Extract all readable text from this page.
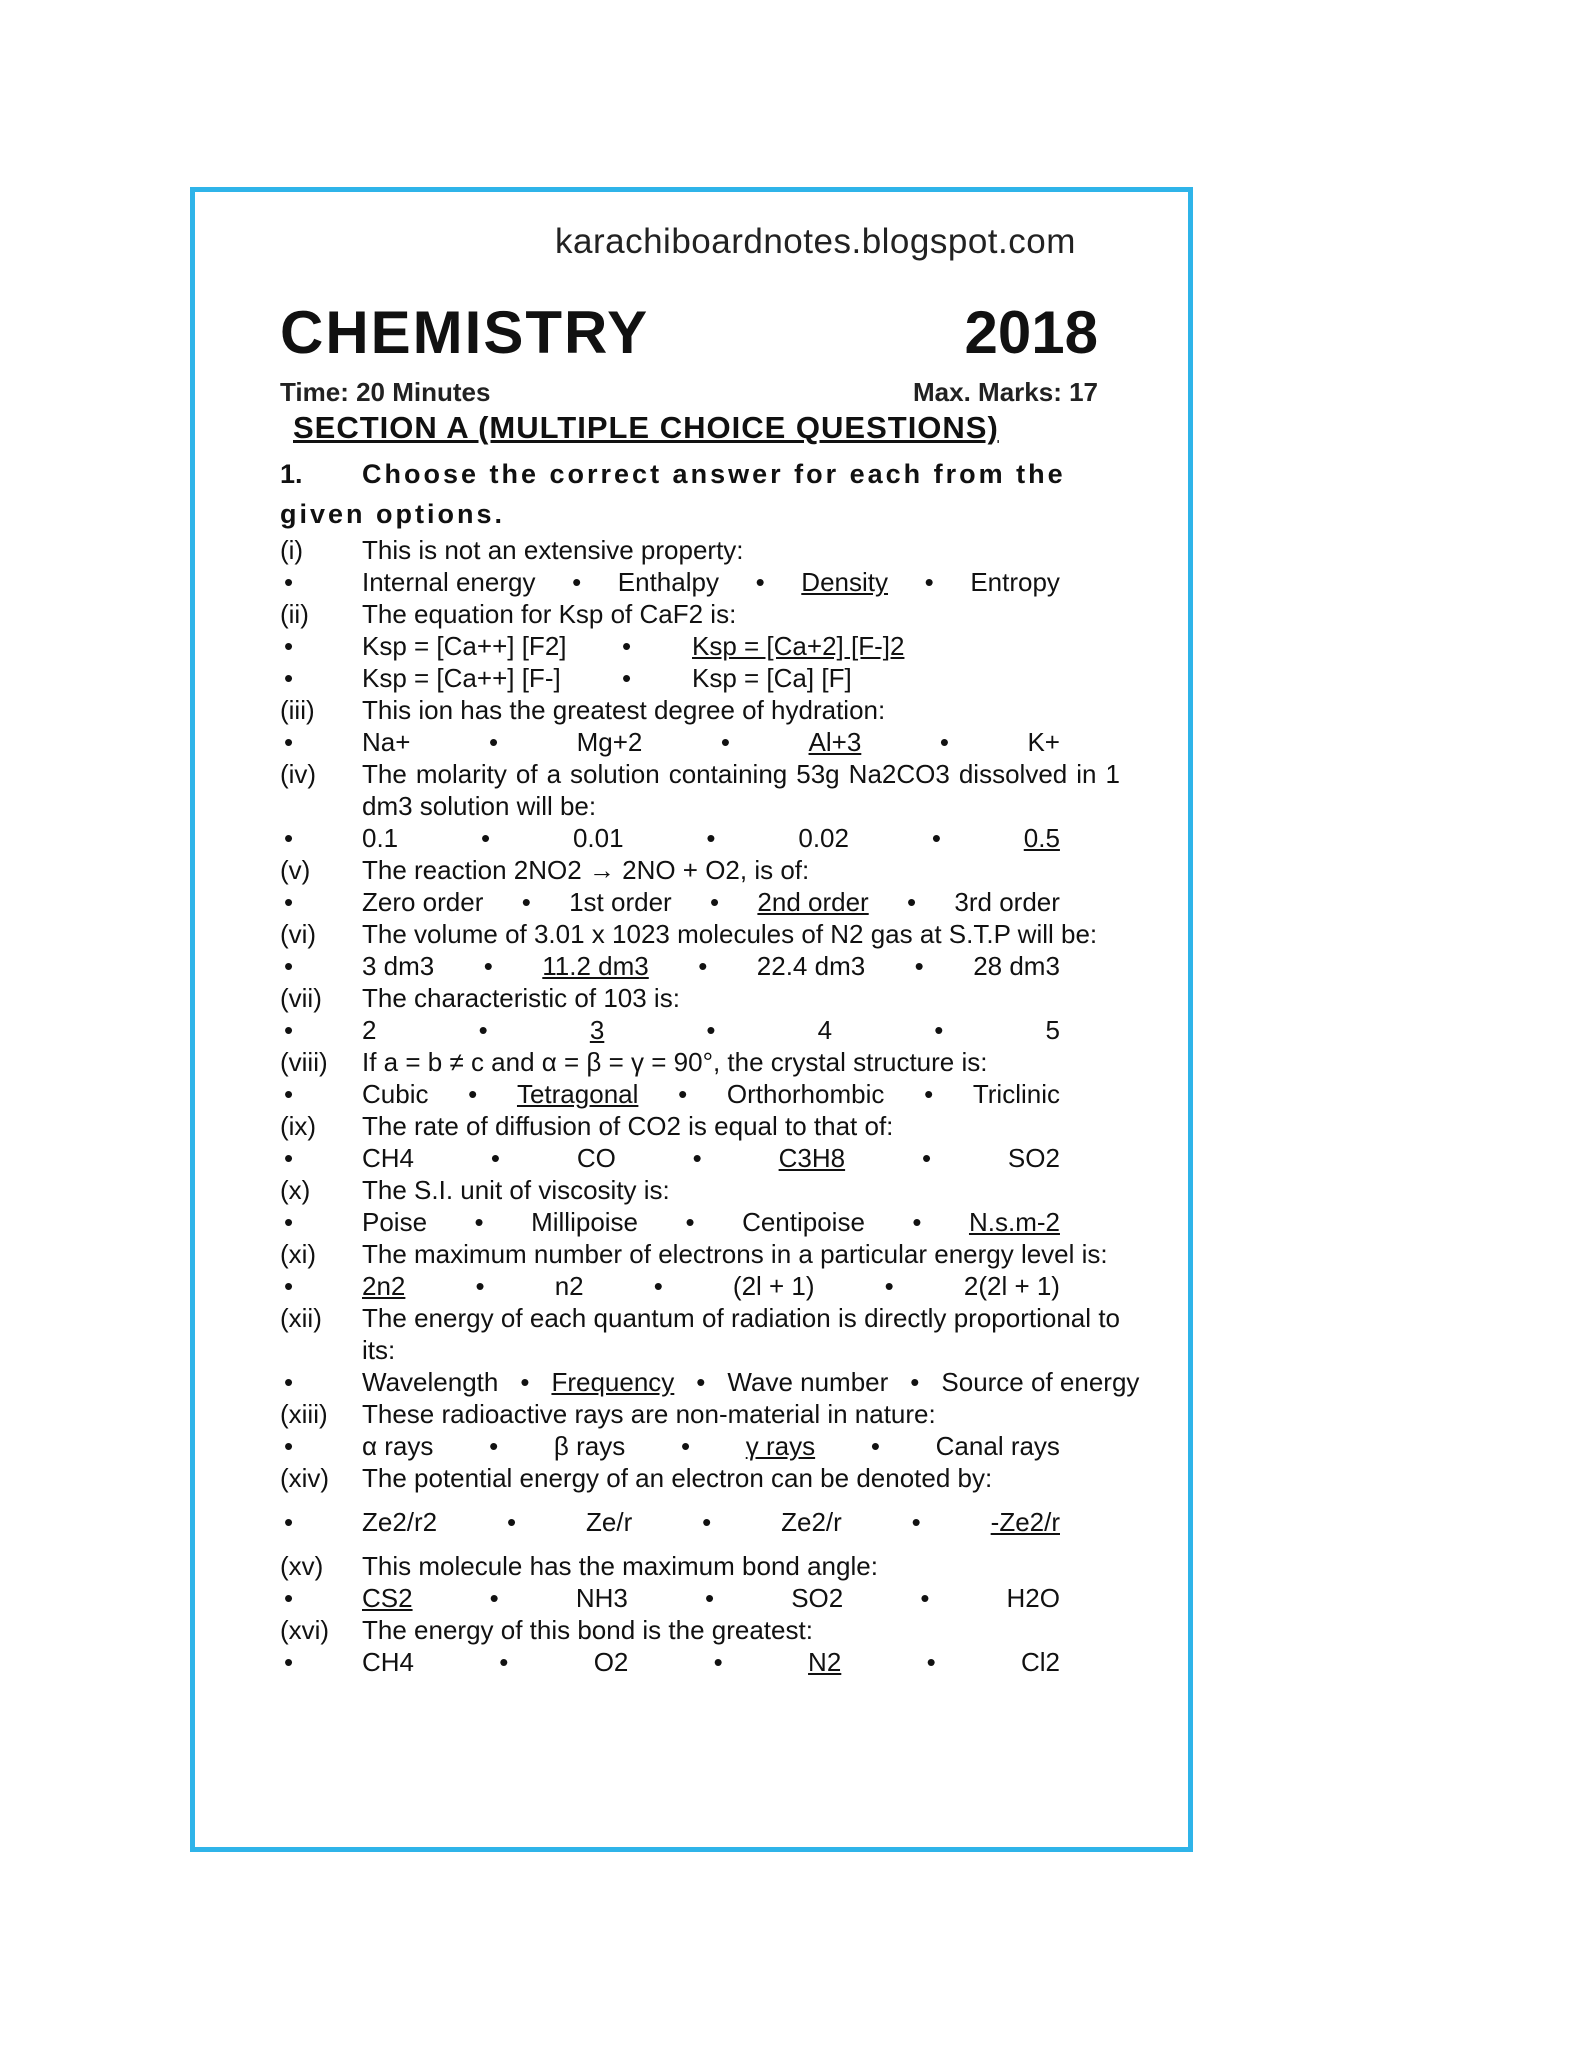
karachiboardnotes.blogspot.com
CHEMISTRY	2018
Time: 20 Minutes	Max. Marks: 17
SECTION A (MULTIPLE CHOICE QUESTIONS)
1. Choose the correct answer for each from the given options.
(i)	This is not an extensive property:
•	Internal energy • Enthalpy • Density • Entropy
(ii)	The equation for Ksp of CaF2 is:
•	Ksp = [Ca++] [F2]	•	Ksp = [Ca+2] [F-]2
•	Ksp = [Ca++] [F-]	•	Ksp = [Ca] [F]
(iii)	This ion has the greatest degree of hydration:
•	Na+	•	Mg+2	•	Al+3	•	K+
(iv)	The molarity of a solution containing 53g Na2CO3 dissolved in 1 dm3 solution will be:
•	0.1	•	0.01	•	0.02	•	0.5
(v)	The reaction 2NO2 → 2NO + O2, is of:
•	Zero order • 1st order • 2nd order • 3rd order
(vi)	The volume of 3.01 x 1023 molecules of N2 gas at S.T.P will be:
•	3 dm3 • 11.2 dm3 • 22.4 dm3 • 28 dm3
(vii)	The characteristic of 103 is:
•	2	•	3	•	4	•	5
(viii)	If a = b ≠ c and α = β = γ = 90°, the crystal structure is:
•	Cubic • Tetragonal • Orthorhombic • Triclinic
(ix)	The rate of diffusion of CO2 is equal to that of:
•	CH4	•	CO	•	C3H8	•	SO2
(x)	The S.I. unit of viscosity is:
•	Poise • Millipoise • Centipoise • N.s.m-2
(xi)	The maximum number of electrons in a particular energy level is:
•	2n2	•	n2	•	(2l + 1)	•	2(2l + 1)
(xii)	The energy of each quantum of radiation is directly proportional to its:
•	Wavelength • Frequency • Wave number • Source of energy
(xiii)	These radioactive rays are non-material in nature:
•	α rays • β rays • γ rays • Canal rays
(xiv)	The potential energy of an electron can be denoted by:
•	Ze2/r2	•	Ze/r	•	Ze2/r	•	-Ze2/r
(xv)	This molecule has the maximum bond angle:
•	CS2	•	NH3	•	SO2	•	H2O
(xvi)	The energy of this bond is the greatest:
•	CH4	•	O2	•	N2	•	Cl2
